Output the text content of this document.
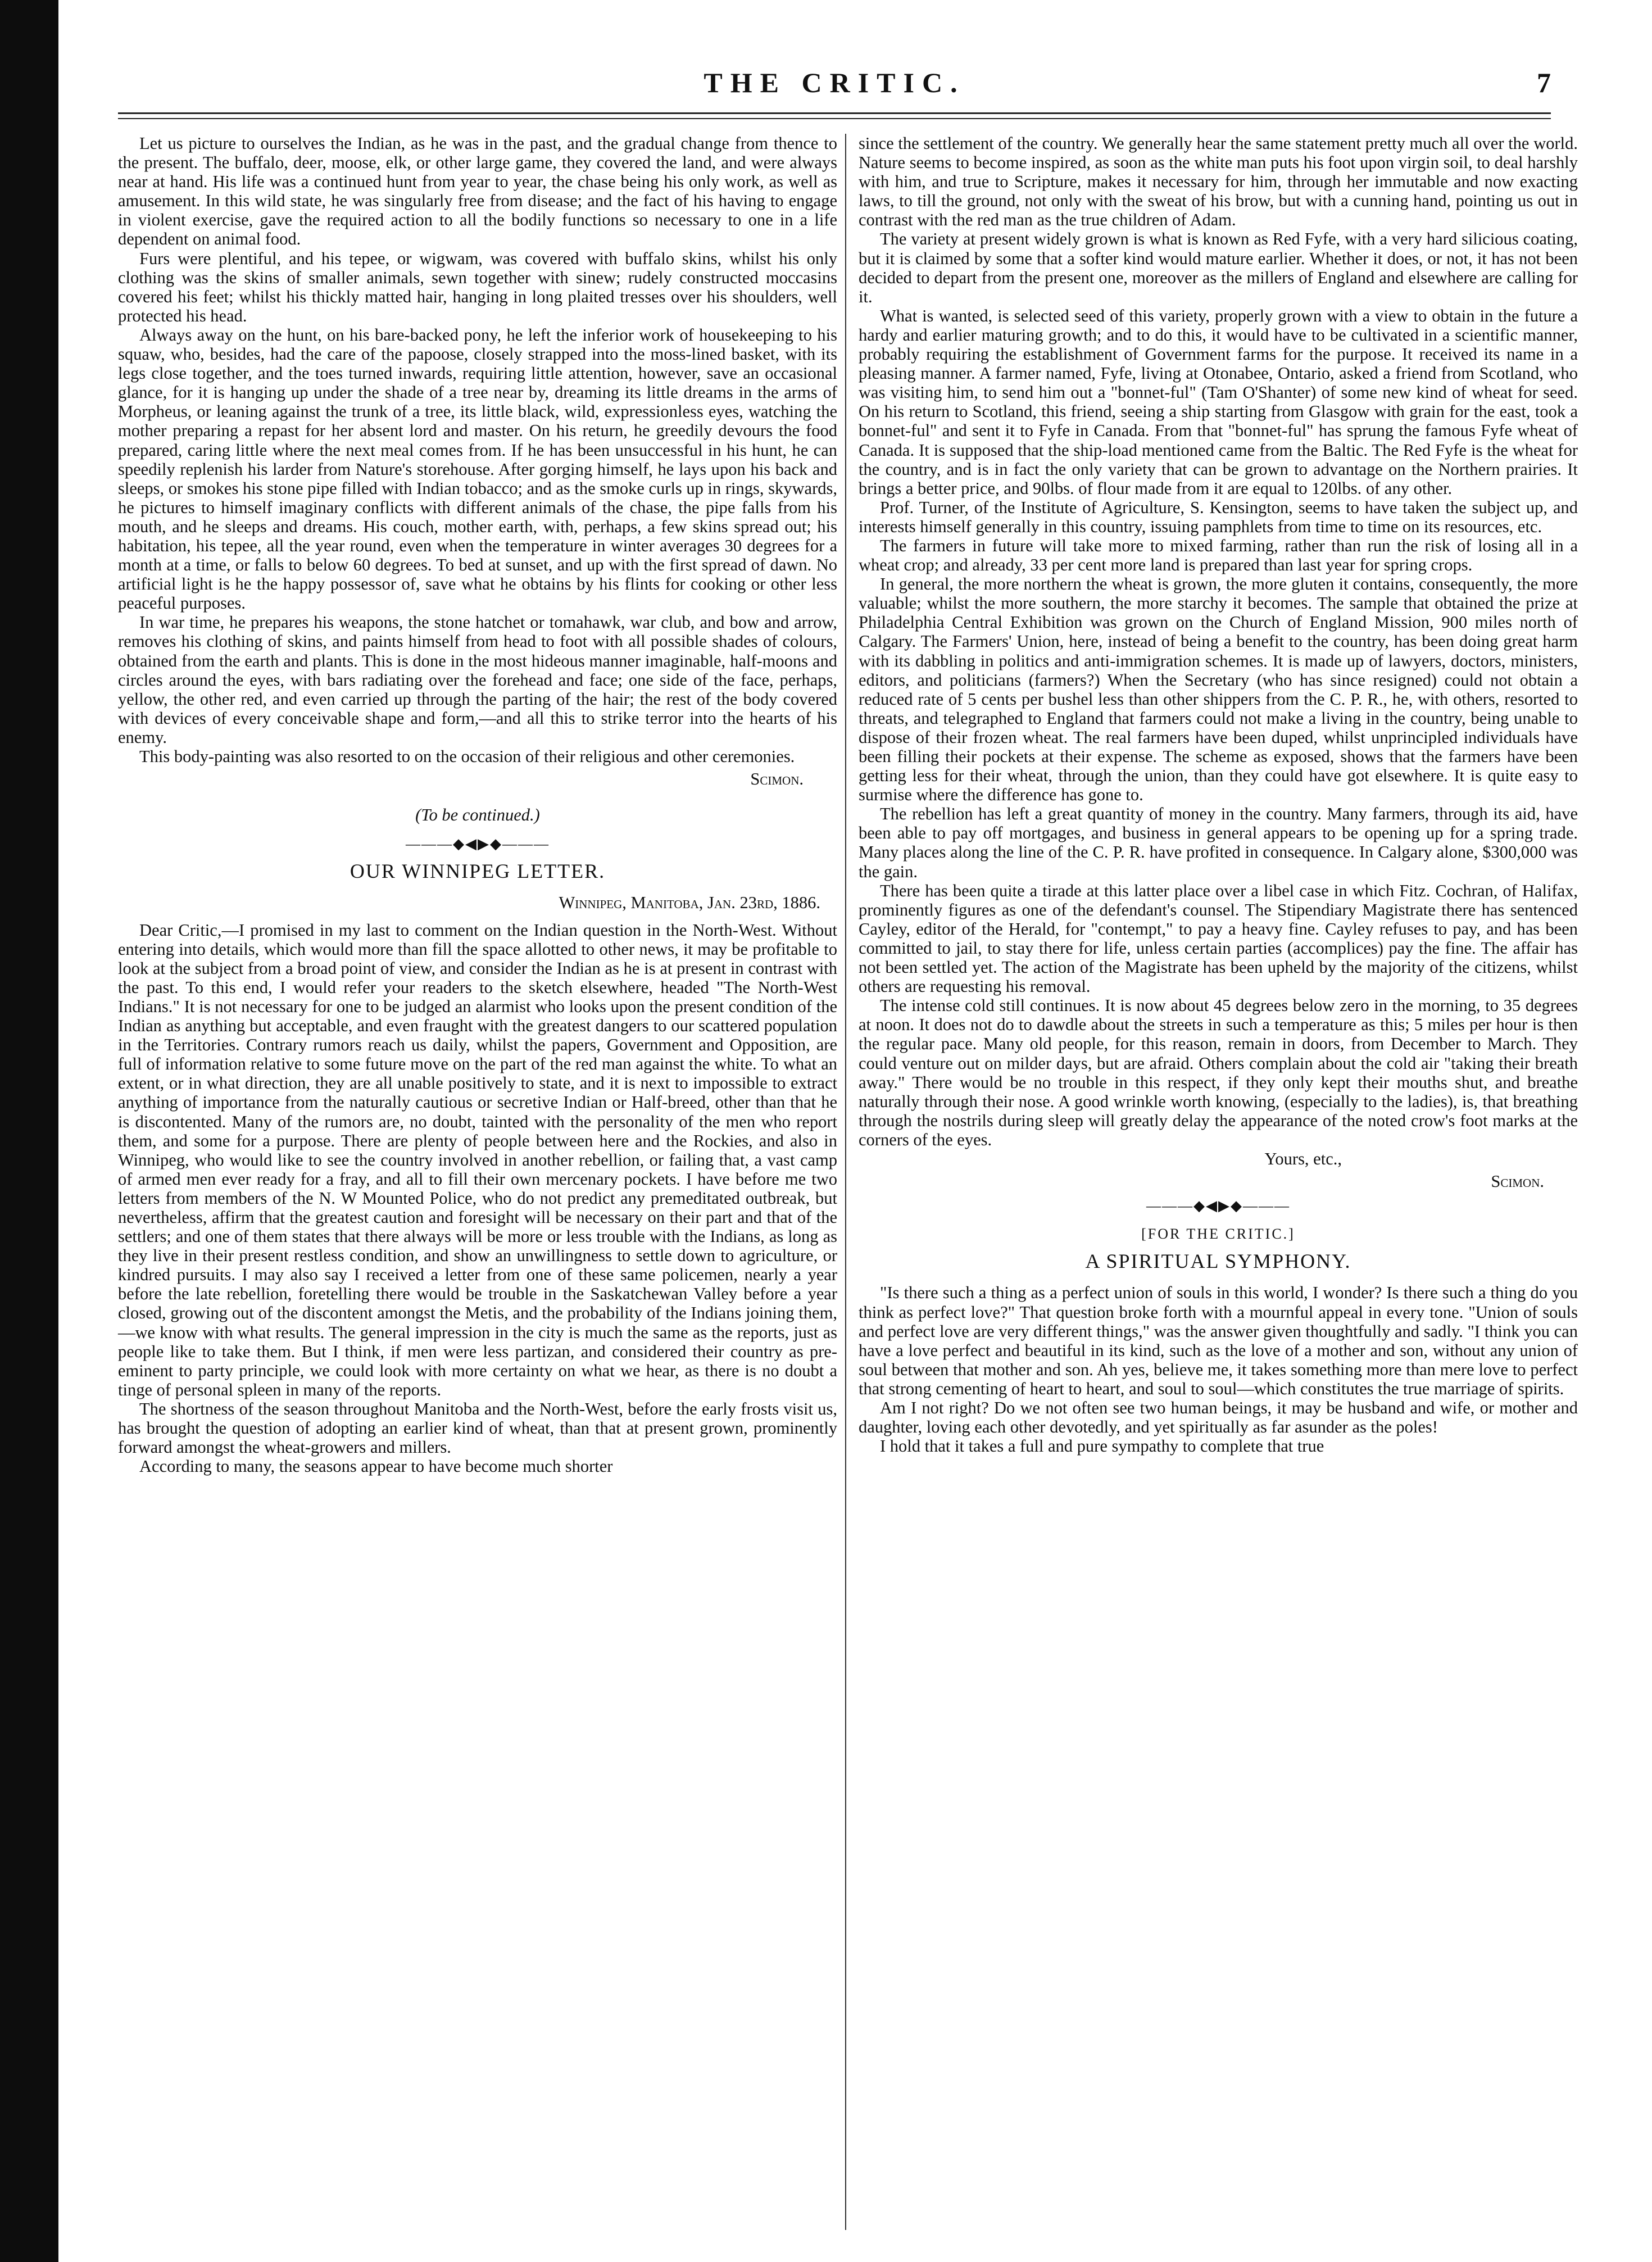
THE CRITIC.	7

Let us picture to ourselves the Indian, as he was in the past, and the gradual change from thence to the present. The buffalo, deer, moose, elk, or other large game, they covered the land, and were always near at hand. His life was a continued hunt from year to year, the chase being his only work, as well as amusement. In this wild state, he was singularly free from disease; and the fact of his having to engage in violent exercise, gave the required action to all the bodily functions so necessary to one in a life dependent on animal food.

Furs were plentiful, and his tepee, or wigwam, was covered with buffalo skins, whilst his only clothing was the skins of smaller animals, sewn together with sinew; rudely constructed moccasins covered his feet; whilst his thickly matted hair, hanging in long plaited tresses over his shoulders, well protected his head.

Always away on the hunt, on his bare-backed pony, he left the inferior work of housekeeping to his squaw, who, besides, had the care of the papoose, closely strapped into the moss-lined basket, with its legs close together, and the toes turned inwards, requiring little attention, however, save an occasional glance, for it is hanging up under the shade of a tree near by, dreaming its little dreams in the arms of Morpheus, or leaning against the trunk of a tree, its little black, wild, expressionless eyes, watching the mother preparing a repast for her absent lord and master. On his return, he greedily devours the food prepared, caring little where the next meal comes from. If he has been unsuccessful in his hunt, he can speedily replenish his larder from Nature's storehouse. After gorging himself, he lays upon his back and sleeps, or smokes his stone pipe filled with Indian tobacco; and as the smoke curls up in rings, skywards, he pictures to himself imaginary conflicts with different animals of the chase, the pipe falls from his mouth, and he sleeps and dreams. His couch, mother earth, with, perhaps, a few skins spread out; his habitation, his tepee, all the year round, even when the temperature in winter averages 30 degrees for a month at a time, or falls to below 60 degrees. To bed at sunset, and up with the first spread of dawn. No artificial light is he the happy possessor of, save what he obtains by his flints for cooking or other less peaceful purposes.

In war time, he prepares his weapons, the stone hatchet or tomahawk, war club, and bow and arrow, removes his clothing of skins, and paints himself from head to foot with all possible shades of colours, obtained from the earth and plants. This is done in the most hideous manner imaginable, half-moons and circles around the eyes, with bars radiating over the forehead and face; one side of the face, perhaps, yellow, the other red, and even carried up through the parting of the hair; the rest of the body covered with devices of every conceivable shape and form,—and all this to strike terror into the hearts of his enemy.

This body-painting was also resorted to on the occasion of their religious and other ceremonies.

Scimon.
(To be continued.)
———◆◀▶◆———
OUR WINNIPEG LETTER.
Winnipeg, Manitoba, Jan. 23rd, 1886.

Dear Critic,—I promised in my last to comment on the Indian question in the North-West. Without entering into details, which would more than fill the space allotted to other news, it may be profitable to look at the subject from a broad point of view, and consider the Indian as he is at present in contrast with the past. To this end, I would refer your readers to the sketch elsewhere, headed "The North-West Indians." It is not necessary for one to be judged an alarmist who looks upon the present condition of the Indian as anything but acceptable, and even fraught with the greatest dangers to our scattered population in the Territories. Contrary rumors reach us daily, whilst the papers, Government and Opposition, are full of information relative to some future move on the part of the red man against the white. To what an extent, or in what direction, they are all unable positively to state, and it is next to impossible to extract anything of importance from the naturally cautious or secretive Indian or Half-breed, other than that he is discontented. Many of the rumors are, no doubt, tainted with the personality of the men who report them, and some for a purpose. There are plenty of people between here and the Rockies, and also in Winnipeg, who would like to see the country involved in another rebellion, or failing that, a vast camp of armed men ever ready for a fray, and all to fill their own mercenary pockets. I have before me two letters from members of the N. W Mounted Police, who do not predict any premeditated outbreak, but nevertheless, affirm that the greatest caution and foresight will be necessary on their part and that of the settlers; and one of them states that there always will be more or less trouble with the Indians, as long as they live in their present restless condition, and show an unwillingness to settle down to agriculture, or kindred pursuits. I may also say I received a letter from one of these same policemen, nearly a year before the late rebellion, foretelling there would be trouble in the Saskatchewan Valley before a year closed, growing out of the discontent amongst the Metis, and the probability of the Indians joining them,—we know with what results. The general impression in the city is much the same as the reports, just as people like to take them. But I think, if men were less partizan, and considered their country as pre-eminent to party principle, we could look with more certainty on what we hear, as there is no doubt a tinge of personal spleen in many of the reports.

The shortness of the season throughout Manitoba and the North-West, before the early frosts visit us, has brought the question of adopting an earlier kind of wheat, than that at present grown, prominently forward amongst the wheat-growers and millers.

According to many, the seasons appear to have become much shorter

since the settlement of the country. We generally hear the same statement pretty much all over the world. Nature seems to become inspired, as soon as the white man puts his foot upon virgin soil, to deal harshly with him, and true to Scripture, makes it necessary for him, through her immutable and now exacting laws, to till the ground, not only with the sweat of his brow, but with a cunning hand, pointing us out in contrast with the red man as the true children of Adam.

The variety at present widely grown is what is known as Red Fyfe, with a very hard silicious coating, but it is claimed by some that a softer kind would mature earlier. Whether it does, or not, it has not been decided to depart from the present one, moreover as the millers of England and elsewhere are calling for it.

What is wanted, is selected seed of this variety, properly grown with a view to obtain in the future a hardy and earlier maturing growth; and to do this, it would have to be cultivated in a scientific manner, probably requiring the establishment of Government farms for the purpose. It received its name in a pleasing manner. A farmer named, Fyfe, living at Otonabee, Ontario, asked a friend from Scotland, who was visiting him, to send him out a "bonnet-ful" (Tam O'Shanter) of some new kind of wheat for seed. On his return to Scotland, this friend, seeing a ship starting from Glasgow with grain for the east, took a bonnet-ful" and sent it to Fyfe in Canada. From that "bonnet-ful" has sprung the famous Fyfe wheat of Canada. It is supposed that the ship-load mentioned came from the Baltic. The Red Fyfe is the wheat for the country, and is in fact the only variety that can be grown to advantage on the Northern prairies. It brings a better price, and 90lbs. of flour made from it are equal to 120lbs. of any other.

Prof. Turner, of the Institute of Agriculture, S. Kensington, seems to have taken the subject up, and interests himself generally in this country, issuing pamphlets from time to time on its resources, etc.

The farmers in future will take more to mixed farming, rather than run the risk of losing all in a wheat crop; and already, 33 per cent more land is prepared than last year for spring crops.

In general, the more northern the wheat is grown, the more gluten it contains, consequently, the more valuable; whilst the more southern, the more starchy it becomes. The sample that obtained the prize at Philadelphia Central Exhibition was grown on the Church of England Mission, 900 miles north of Calgary. The Farmers' Union, here, instead of being a benefit to the country, has been doing great harm with its dabbling in politics and anti-immigration schemes. It is made up of lawyers, doctors, ministers, editors, and politicians (farmers?) When the Secretary (who has since resigned) could not obtain a reduced rate of 5 cents per bushel less than other shippers from the C. P. R., he, with others, resorted to threats, and telegraphed to England that farmers could not make a living in the country, being unable to dispose of their frozen wheat. The real farmers have been duped, whilst unprincipled individuals have been filling their pockets at their expense. The scheme as exposed, shows that the farmers have been getting less for their wheat, through the union, than they could have got elsewhere. It is quite easy to surmise where the difference has gone to.

The rebellion has left a great quantity of money in the country. Many farmers, through its aid, have been able to pay off mortgages, and business in general appears to be opening up for a spring trade. Many places along the line of the C. P. R. have profited in consequence. In Calgary alone, $300,000 was the gain.

There has been quite a tirade at this latter place over a libel case in which Fitz. Cochran, of Halifax, prominently figures as one of the defendant's counsel. The Stipendiary Magistrate there has sentenced Cayley, editor of the Herald, for "contempt," to pay a heavy fine. Cayley refuses to pay, and has been committed to jail, to stay there for life, unless certain parties (accomplices) pay the fine. The affair has not been settled yet. The action of the Magistrate has been upheld by the majority of the citizens, whilst others are requesting his removal.

The intense cold still continues. It is now about 45 degrees below zero in the morning, to 35 degrees at noon. It does not do to dawdle about the streets in such a temperature as this; 5 miles per hour is then the regular pace. Many old people, for this reason, remain in doors, from December to March. They could venture out on milder days, but are afraid. Others complain about the cold air "taking their breath away." There would be no trouble in this respect, if they only kept their mouths shut, and breathe naturally through their nose. A good wrinkle worth knowing, (especially to the ladies), is, that breathing through the nostrils during sleep will greatly delay the appearance of the noted crow's foot marks at the corners of the eyes.

Yours, etc.,
Scimon.
———◆◀▶◆———
[FOR THE CRITIC.]
A SPIRITUAL SYMPHONY.

"Is there such a thing as a perfect union of souls in this world, I wonder? Is there such a thing do you think as perfect love?" That question broke forth with a mournful appeal in every tone. "Union of souls and perfect love are very different things," was the answer given thoughtfully and sadly. "I think you can have a love perfect and beautiful in its kind, such as the love of a mother and son, without any union of soul between that mother and son. Ah yes, believe me, it takes something more than mere love to perfect that strong cementing of heart to heart, and soul to soul—which constitutes the true marriage of spirits.

Am I not right? Do we not often see two human beings, it may be husband and wife, or mother and daughter, loving each other devotedly, and yet spiritually as far asunder as the poles!

I hold that it takes a full and pure sympathy to complete that true
